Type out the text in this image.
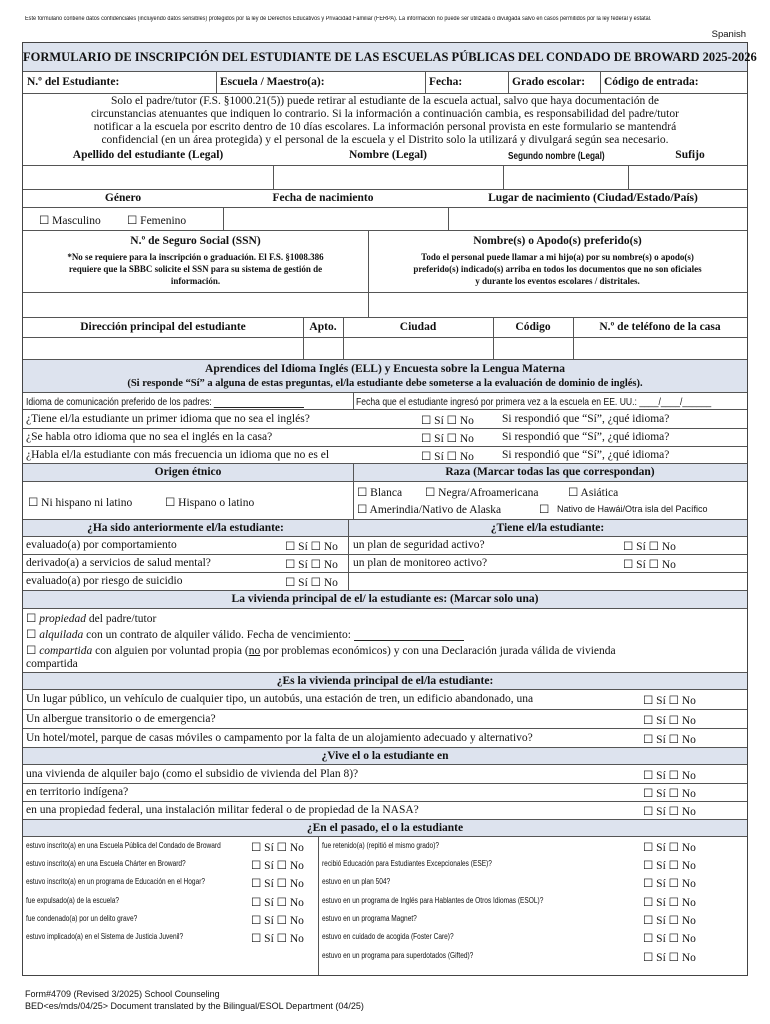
Este formulario contiene datos confidenciales (incluyendo datos sensibles) protegidos por la ley de Derechos Educativos y Privacidad Familiar (FERPA). La información no puede ser utilizada o divulgada salvo en casos permitidos por la ley federal y estatal.
Spanish
FORMULARIO DE INSCRIPCIÓN DEL ESTUDIANTE DE LAS ESCUELAS PÚBLICAS DEL CONDADO DE BROWARD 2025-2026
N.º del Estudiante:	Escuela / Maestro(a):	Fecha:	Grado escolar: Código de entrada:
Solo el padre/tutor (F.S. §1000.21(5)) puede retirar al estudiante de la escuela actual, salvo que haya documentación de
circunstancias atenuantes que indiquen lo contrario. Si la información a continuación cambia, es responsabilidad del padre/tutor
notificar a la escuela por escrito dentro de 10 días escolares. La información personal provista en este formulario se mantendrá
confidencial (en un área protegida) y el personal de la escuela y el Distrito solo la utilizará y divulgará según sea necesario.
Apellido del estudiante (Legal)	Nombre (Legal)	Segundo nombre (Legal)	Sufijo
Género	Fecha de nacimiento	Lugar de nacimiento (Ciudad/Estado/País)
☐ Masculino ☐ Femenino
N.º de Seguro Social (SSN)
*No se requiere para la inscripción o graduación. El F.S. §1008.386
requiere que la SBBC solicite el SSN para su sistema de gestión de
información.
Nombre(s) o Apodo(s) preferido(s)
Todo el personal puede llamar a mi hijo(a) por su nombre(s) o apodo(s)
preferido(s) indicado(s) arriba en todos los documentos que no son oficiales
y durante los eventos escolares / distritales.
Dirección principal del estudiante	Apto.	Ciudad	Código	N.º de teléfono de la casa
Aprendices del Idioma Inglés (ELL) y Encuesta sobre la Lengua Materna
(Si responde “Sí” a alguna de estas preguntas, el/la estudiante debe someterse a la evaluación de dominio de inglés).
Idioma de comunicación preferido de los padres:	Fecha que el estudiante ingresó por primera vez a la escuela en EE. UU.: ____/____/______
¿Tiene el/la estudiante un primer idioma que no sea el inglés?	☐ Sí ☐ No Si respondió que “Sí”, ¿qué idioma?
¿Se habla otro idioma que no sea el inglés en la casa?	☐ Sí ☐ No Si respondió que “Sí”, ¿qué idioma?
¿Habla el/la estudiante con más frecuencia un idioma que no es el	☐ Sí ☐ No Si respondió que “Sí”, ¿qué idioma?
Origen étnico	Raza (Marcar todas las que correspondan)
☐ Ni hispano ni latino	☐ Hispano o latino
☐ Blanca ☐ Negra/Afroamericana	☐ Asiática
☐ Amerindia/Nativo de Alaska	☐ Nativo de Hawái/Otra isla del Pacífico
¿Ha sido anteriormente el/la estudiante:	¿Tiene el/la estudiante:
evaluado(a) por comportamiento	☐ Sí ☐ No un plan de seguridad activo?	☐ Sí ☐ No
derivado(a) a servicios de salud mental?	☐ Sí ☐ No un plan de monitoreo activo?	☐ Sí ☐ No
evaluado(a) por riesgo de suicidio	☐ Sí ☐ No
La vivienda principal de el/ la estudiante es: (Marcar solo una)
☐ propiedad del padre/tutor
☐ alquilada con un contrato de alquiler válido. Fecha de vencimiento:
☐ compartida con alguien por voluntad propia (no por problemas económicos) y con una Declaración jurada válida de vivienda
compartida
¿Es la vivienda principal de el/la estudiante:
Un lugar público, un vehículo de cualquier tipo, un autobús, una estación de tren, un edificio abandonado, una	☐ Sí ☐ No
Un albergue transitorio o de emergencia?	☐ Sí ☐ No
Un hotel/motel, parque de casas móviles o campamento por la falta de un alojamiento adecuado y alternativo?	☐ Sí ☐ No
¿Vive el o la estudiante en
una vivienda de alquiler bajo (como el subsidio de vivienda del Plan 8)?	☐ Sí ☐ No
en territorio indígena?	☐ Sí ☐ No
en una propiedad federal, una instalación militar federal o de propiedad de la NASA?	☐ Sí ☐ No
¿En el pasado, el o la estudiante
estuvo inscrito(a) en una Escuela Pública del Condado de Broward	☐ Sí ☐ No
estuvo inscrito(a) en una Escuela Chárter en Broward?	☐ Sí ☐ No
estuvo inscrito(a) en un programa de Educación en el Hogar?	☐ Sí ☐ No
fue expulsado(a) de la escuela?	☐ Sí ☐ No
fue condenado(a) por un delito grave?	☐ Sí ☐ No
estuvo implicado(a) en el Sistema de Justicia Juvenil?	☐ Sí ☐ No
fue retenido(a) (repitió el mismo grado)?	☐ Sí ☐ No
recibió Educación para Estudiantes Excepcionales (ESE)?	☐ Sí ☐ No
estuvo en un plan 504?	☐ Sí ☐ No
estuvo en un programa de Inglés para Hablantes de Otros Idiomas (ESOL)?	☐ Sí ☐ No
estuvo en un programa Magnet?	☐ Sí ☐ No
estuvo en cuidado de acogida (Foster Care)?	☐ Sí ☐ No
estuvo en un programa para superdotados (Gifted)?	☐ Sí ☐ No
Form#4709 (Revised 3/2025) School Counseling
BED<es/mds/04/25> Document translated by the Bilingual/ESOL Department (04/25)
